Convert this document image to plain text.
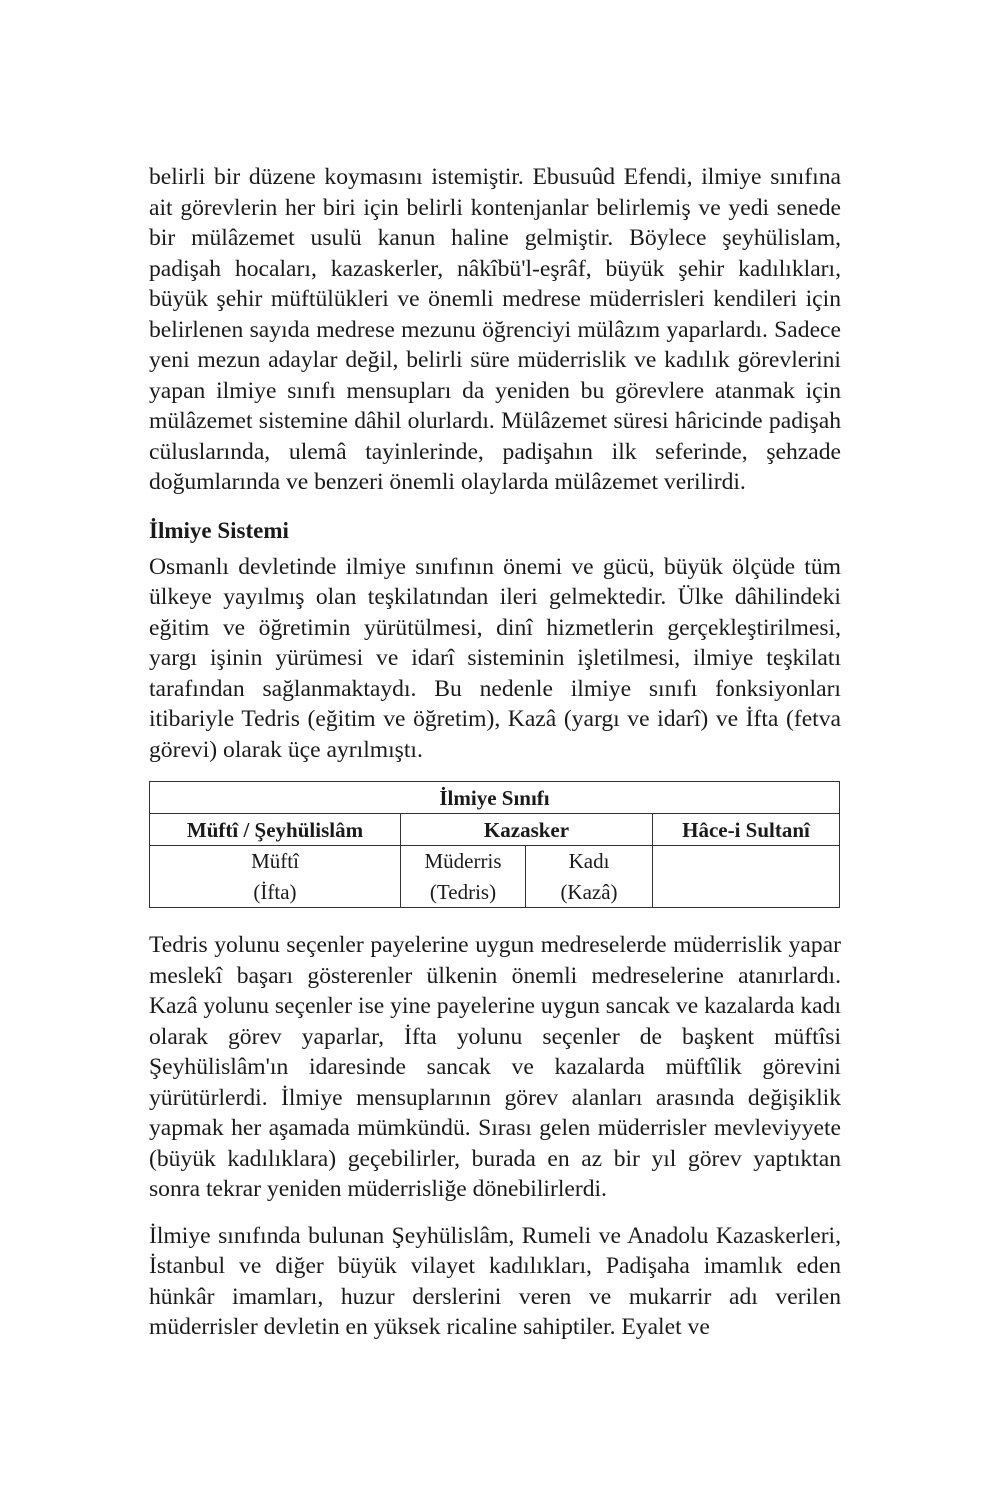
belirli bir düzene koymasını istemiştir. Ebusuûd Efendi, ilmiye sınıfına ait görevlerin her biri için belirli kontenjanlar belirlemiş ve yedi senede bir mülâzemet usulü kanun haline gelmiştir. Böylece şeyhülislam, padişah hocaları, kazaskerler, nâkîbü'l-eşrâf, büyük şehir kadılıkları, büyük şehir müftülükleri ve önemli medrese müderrisleri kendileri için belirlenen sayıda medrese mezunu öğrenciyi mülâzım yaparlardı. Sadece yeni mezun adaylar değil, belirli süre müderrislik ve kadılık görevlerini yapan ilmiye sınıfı mensupları da yeniden bu görevlere atanmak için mülâzemet sistemine dâhil olurlardı. Mülâzemet süresi hâricinde padişah cüluslarında, ulemâ tayinlerinde, padişahın ilk seferinde, şehzade doğumlarında ve benzeri önemli olaylarda mülâzemet verilirdi.

İlmiye Sistemi

Osmanlı devletinde ilmiye sınıfının önemi ve gücü, büyük ölçüde tüm ülkeye yayılmış olan teşkilatından ileri gelmektedir. Ülke dâhilindeki eğitim ve öğretimin yürütülmesi, dinî hizmetlerin gerçekleştirilmesi, yargı işinin yürümesi ve idarî sisteminin işletilmesi, ilmiye teşkilatı tarafından sağlanmaktaydı. Bu nedenle ilmiye sınıfı fonksiyonları itibariyle Tedris (eğitim ve öğretim), Kazâ (yargı ve idarî) ve İfta (fetva görevi) olarak üçe ayrılmıştı.

İlmiye Sınıfı			
Müftî / Şeyhülislâm	Kazasker		Hâce-i Sultanî
Müftî	Müderris	Kadı	
(İfta)	(Tedris)	(Kazâ)	

Tedris yolunu seçenler payelerine uygun medreselerde müderrislik yapar meslekî başarı gösterenler ülkenin önemli medreselerine atanırlardı. Kazâ yolunu seçenler ise yine payelerine uygun sancak ve kazalarda kadı olarak görev yaparlar, İfta yolunu seçenler de başkent müftîsi Şeyhülislâm'ın idaresinde sancak ve kazalarda müftîlik görevini yürütürlerdi. İlmiye mensuplarının görev alanları arasında değişiklik yapmak her aşamada mümkündü. Sırası gelen müderrisler mevleviyyete (büyük kadılıklara) geçebilirler, burada en az bir yıl görev yaptıktan sonra tekrar yeniden müderrisliğe dönebilirlerdi.

İlmiye sınıfında bulunan Şeyhülislâm, Rumeli ve Anadolu Kazaskerleri, İstanbul ve diğer büyük vilayet kadılıkları, Padişaha imamlık eden hünkâr imamları, huzur derslerini veren ve mukarrir adı verilen müderrisler devletin en yüksek ricaline sahiptiler. Eyalet ve
